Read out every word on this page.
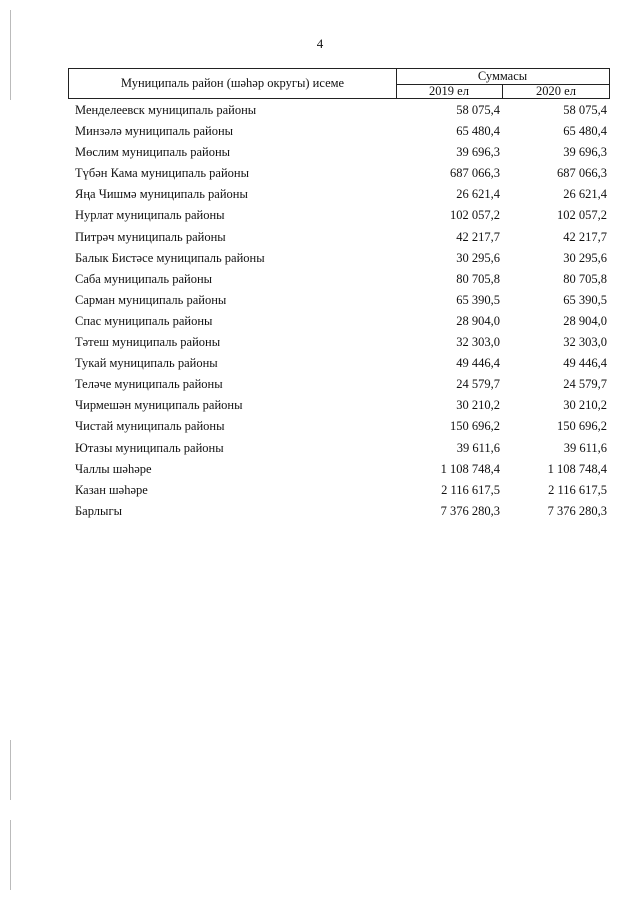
4
Муниципаль район (шәһәр округы) исеме	Суммасы
2019 ел	2020 ел
Менделеевск муниципаль районы	58 075,4	58 075,4
Минзәлә муниципаль районы	65 480,4	65 480,4
Мөслим муниципаль районы	39 696,3	39 696,3
Түбән Кама муниципаль районы	687 066,3	687 066,3
Яңа Чишмә муниципаль районы	26 621,4	26 621,4
Нурлат муниципаль районы	102 057,2	102 057,2
Питрәч муниципаль районы	42 217,7	42 217,7
Балык Бистәсе муниципаль районы	30 295,6	30 295,6
Саба муниципаль районы	80 705,8	80 705,8
Сарман муниципаль районы	65 390,5	65 390,5
Спас муниципаль районы	28 904,0	28 904,0
Тәтеш муниципаль районы	32 303,0	32 303,0
Тукай муниципаль районы	49 446,4	49 446,4
Теләче муниципаль районы	24 579,7	24 579,7
Чирмешән муниципаль районы	30 210,2	30 210,2
Чистай муниципаль районы	150 696,2	150 696,2
Ютазы муниципаль районы	39 611,6	39 611,6
Чаллы шәһәре	1 108 748,4	1 108 748,4
Казан шәһәре	2 116 617,5	2 116 617,5
Барлыгы	7 376 280,3	7 376 280,3
